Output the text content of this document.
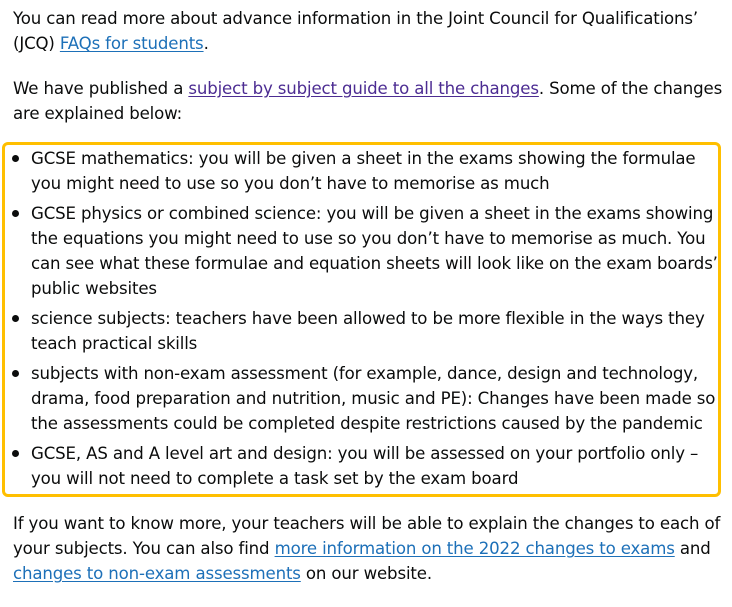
You can read more about advance information in the Joint Council for Qualifications’ (JCQ) FAQs for students.

We have published a subject by subject guide to all the changes. Some of the changes are explained below:

GCSE mathematics: you will be given a sheet in the exams showing the formulae you might need to use so you don’t have to memorise as much
GCSE physics or combined science: you will be given a sheet in the exams showing the equations you might need to use so you don’t have to memorise as much. You can see what these formulae and equation sheets will look like on the exam boards’ public websites
science subjects: teachers have been allowed to be more flexible in the ways they teach practical skills
subjects with non-exam assessment (for example, dance, design and technology, drama, food preparation and nutrition, music and PE): Changes have been made so the assessments could be completed despite restrictions caused by the pandemic
GCSE, AS and A level art and design: you will be assessed on your portfolio only – you will not need to complete a task set by the exam board

If you want to know more, your teachers will be able to explain the changes to each of your subjects. You can also find more information on the 2022 changes to exams and changes to non-exam assessments on our website.
